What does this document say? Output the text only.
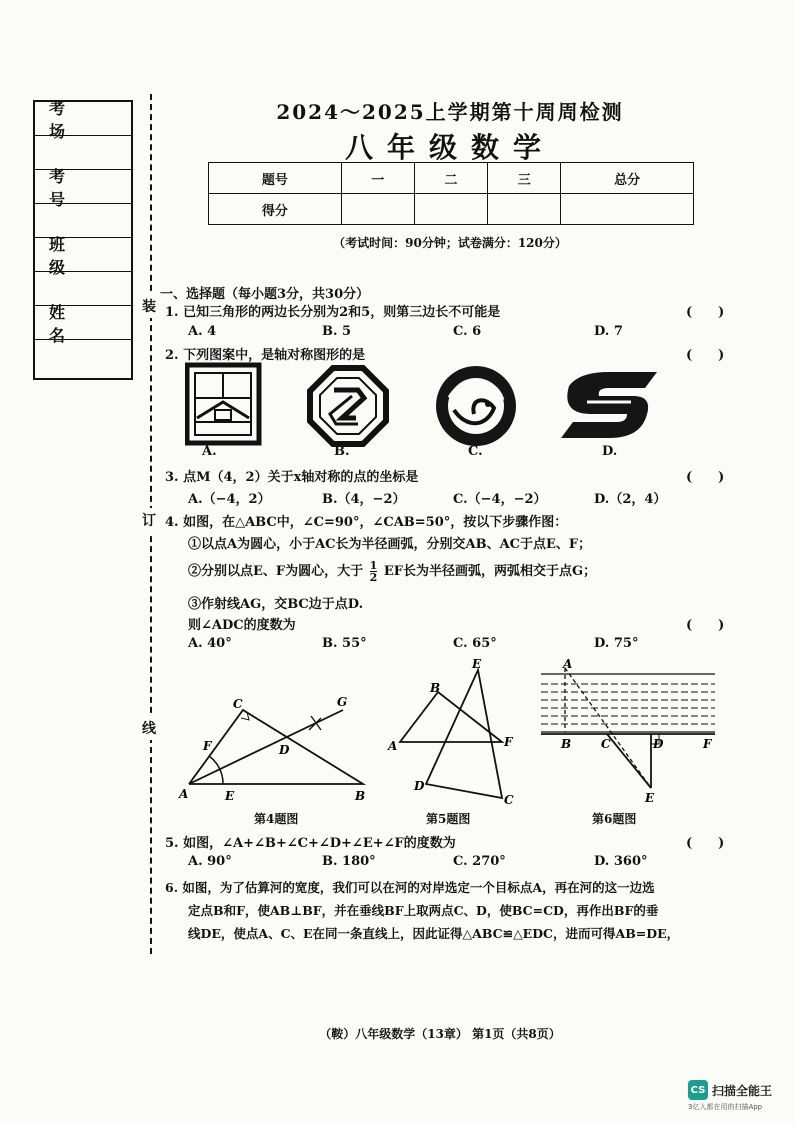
考 场
考 号
班 级
姓 名
装
订
线
2024～2025上学期第十周周检测
八年级数学
题号	一	二	三	总分
得分				
（考试时间：90分钟；试卷满分：120分）
一、选择题（每小题3分，共30分）
1. 已知三角形的两边长分别为2和5，则第三边长不可能是	(　　)
A. 4	B. 5	C. 6	D. 7
2. 下列图案中，是轴对称图形的是	(　　)
A.	B.	C.	D.
3. 点M（4，2）关于x轴对称的点的坐标是	(　　)
A.（−4，2）	B.（4，−2）	C.（−4，−2）	D.（2，4）
4. 如图，在△ABC中，∠C=90°，∠CAB=50°，按以下步骤作图：
①以点A为圆心，小于AC长为半径画弧，分别交AB、AC于点E、F；
②分别以点E、F为圆心，大于 $\frac{1}{2}$ EF长为半径画弧，两弧相交于点G；
③作射线AG，交BC边于点D.
则∠ADC的度数为	(　　)
A. 40°	B. 55°	C. 65°	D. 75°
A	B
C
D
E
F
G
第4题图
A
B
C
D
E
F
第5题图
A
B C	D
E
F
第6题图
5. 如图，∠A+∠B+∠C+∠D+∠E+∠F的度数为	(　　)
A. 90°	B. 180°	C. 270°	D. 360°
6. 如图，为了估算河的宽度，我们可以在河的对岸选定一个目标点A，再在河的这一边选
定点B和F，使AB⊥BF，并在垂线BF上取两点C、D，使BC=CD，再作出BF的垂
线DE，使点A、C、E在同一条直线上，因此证得△ABC≌△EDC，进而可得AB=DE，
（鞍）八年级数学（13章） 第1页（共8页）
CS 扫描全能王
3亿人都在用的扫描App
